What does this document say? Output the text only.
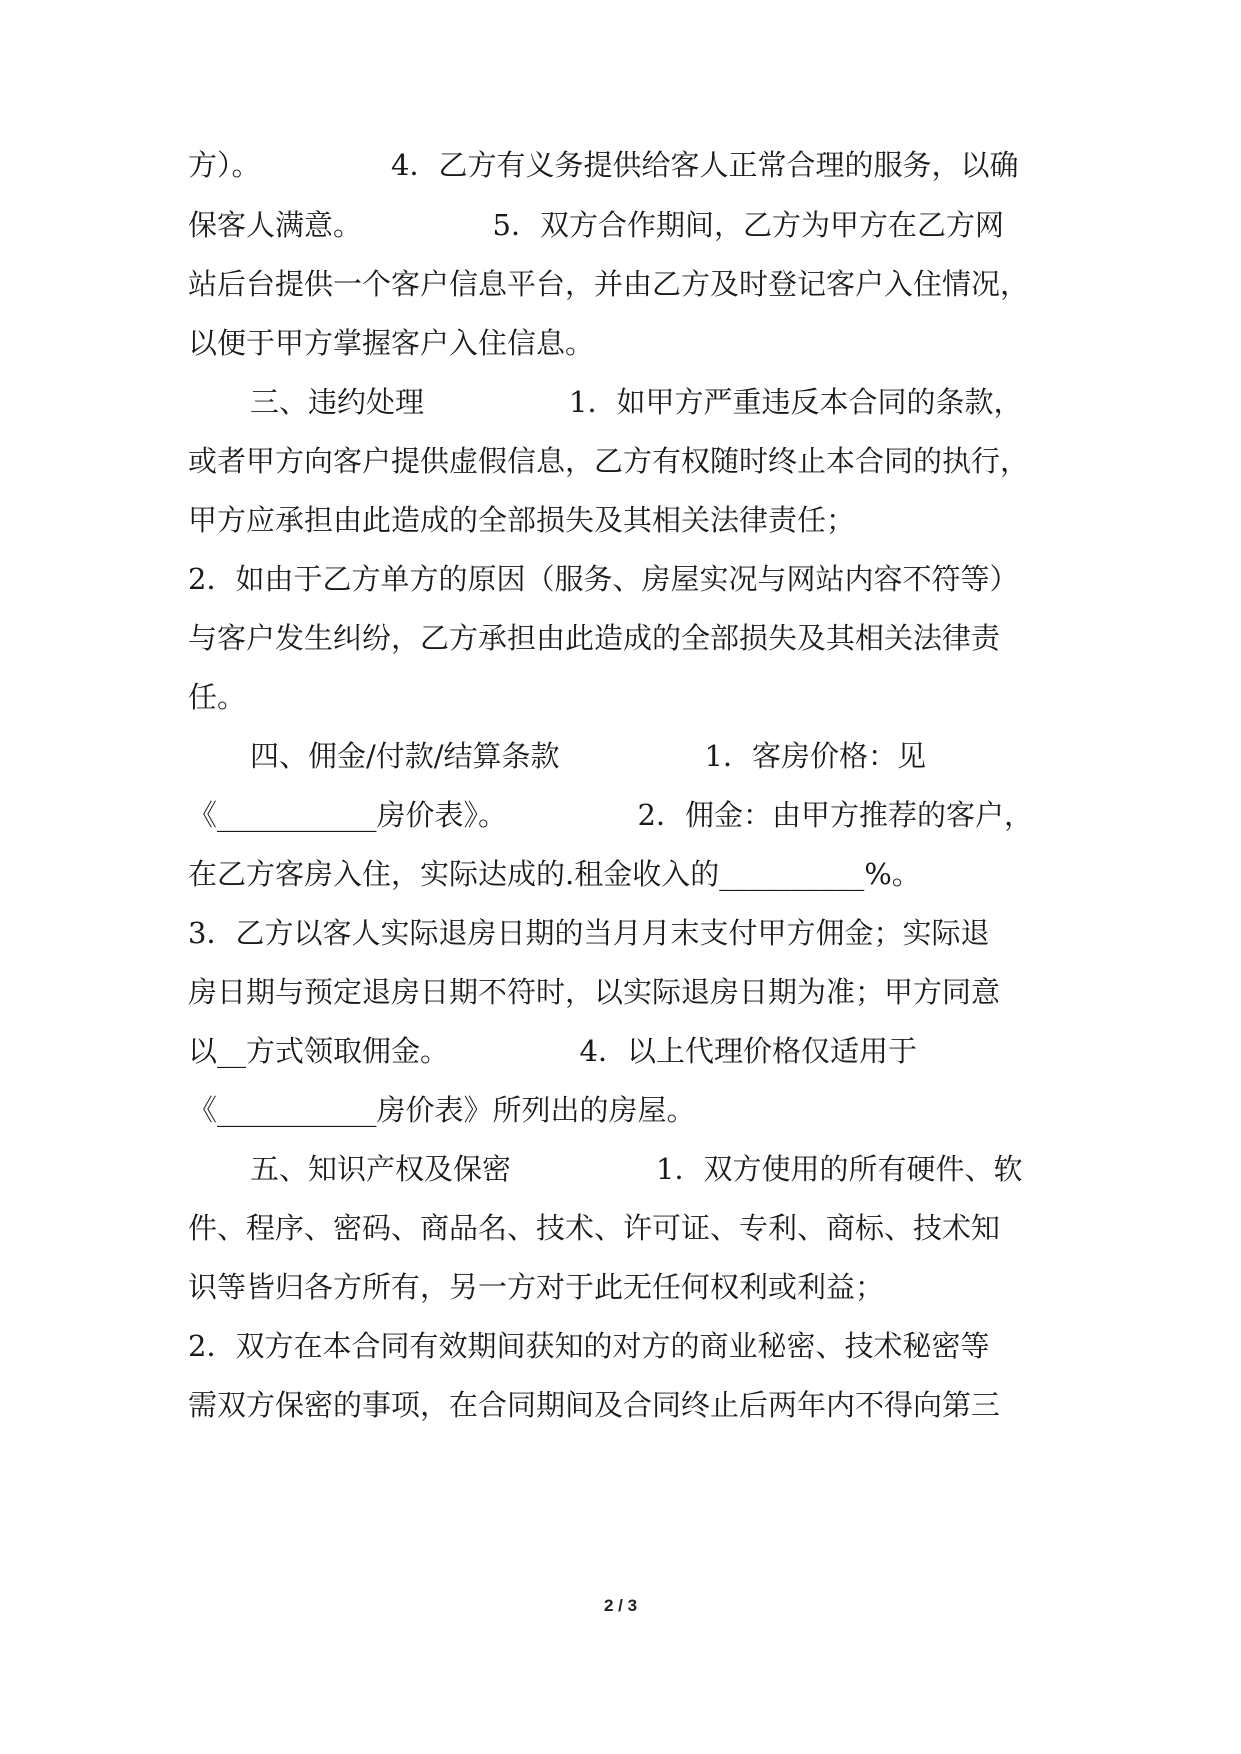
方）。　　　　　4．乙方有义务提供给客人正常合理的服务，以确
保客人满意。　　　　　5．双方合作期间，乙方为甲方在乙方网
站后台提供一个客户信息平台，并由乙方及时登记客户入住情况，
以便于甲方掌握客户入住信息。
三、违约处理　　　　　1．如甲方严重违反本合同的条款，
或者甲方向客户提供虚假信息，乙方有权随时终止本合同的执行，
甲方应承担由此造成的全部损失及其相关法律责任；
2．如由于乙方单方的原因（服务、房屋实况与网站内容不符等）
与客户发生纠纷，乙方承担由此造成的全部损失及其相关法律责
任。
四、佣金/付款/结算条款　　　　　1．客房价格：见
《___________房价表》。　　　　　2．佣金：由甲方推荐的客户，
在乙方客房入住，实际达成的.租金收入的__________%。
3．乙方以客人实际退房日期的当月月末支付甲方佣金；实际退
房日期与预定退房日期不符时，以实际退房日期为准；甲方同意
以__方式领取佣金。　　　　　4．以上代理价格仅适用于
《___________房价表》所列出的房屋。
五、知识产权及保密　　　　　1．双方使用的所有硬件、软
件、程序、密码、商品名、技术、许可证、专利、商标、技术知
识等皆归各方所有，另一方对于此无任何权利或利益；
2．双方在本合同有效期间获知的对方的商业秘密、技术秘密等
需双方保密的事项，在合同期间及合同终止后两年内不得向第三
2 / 3
